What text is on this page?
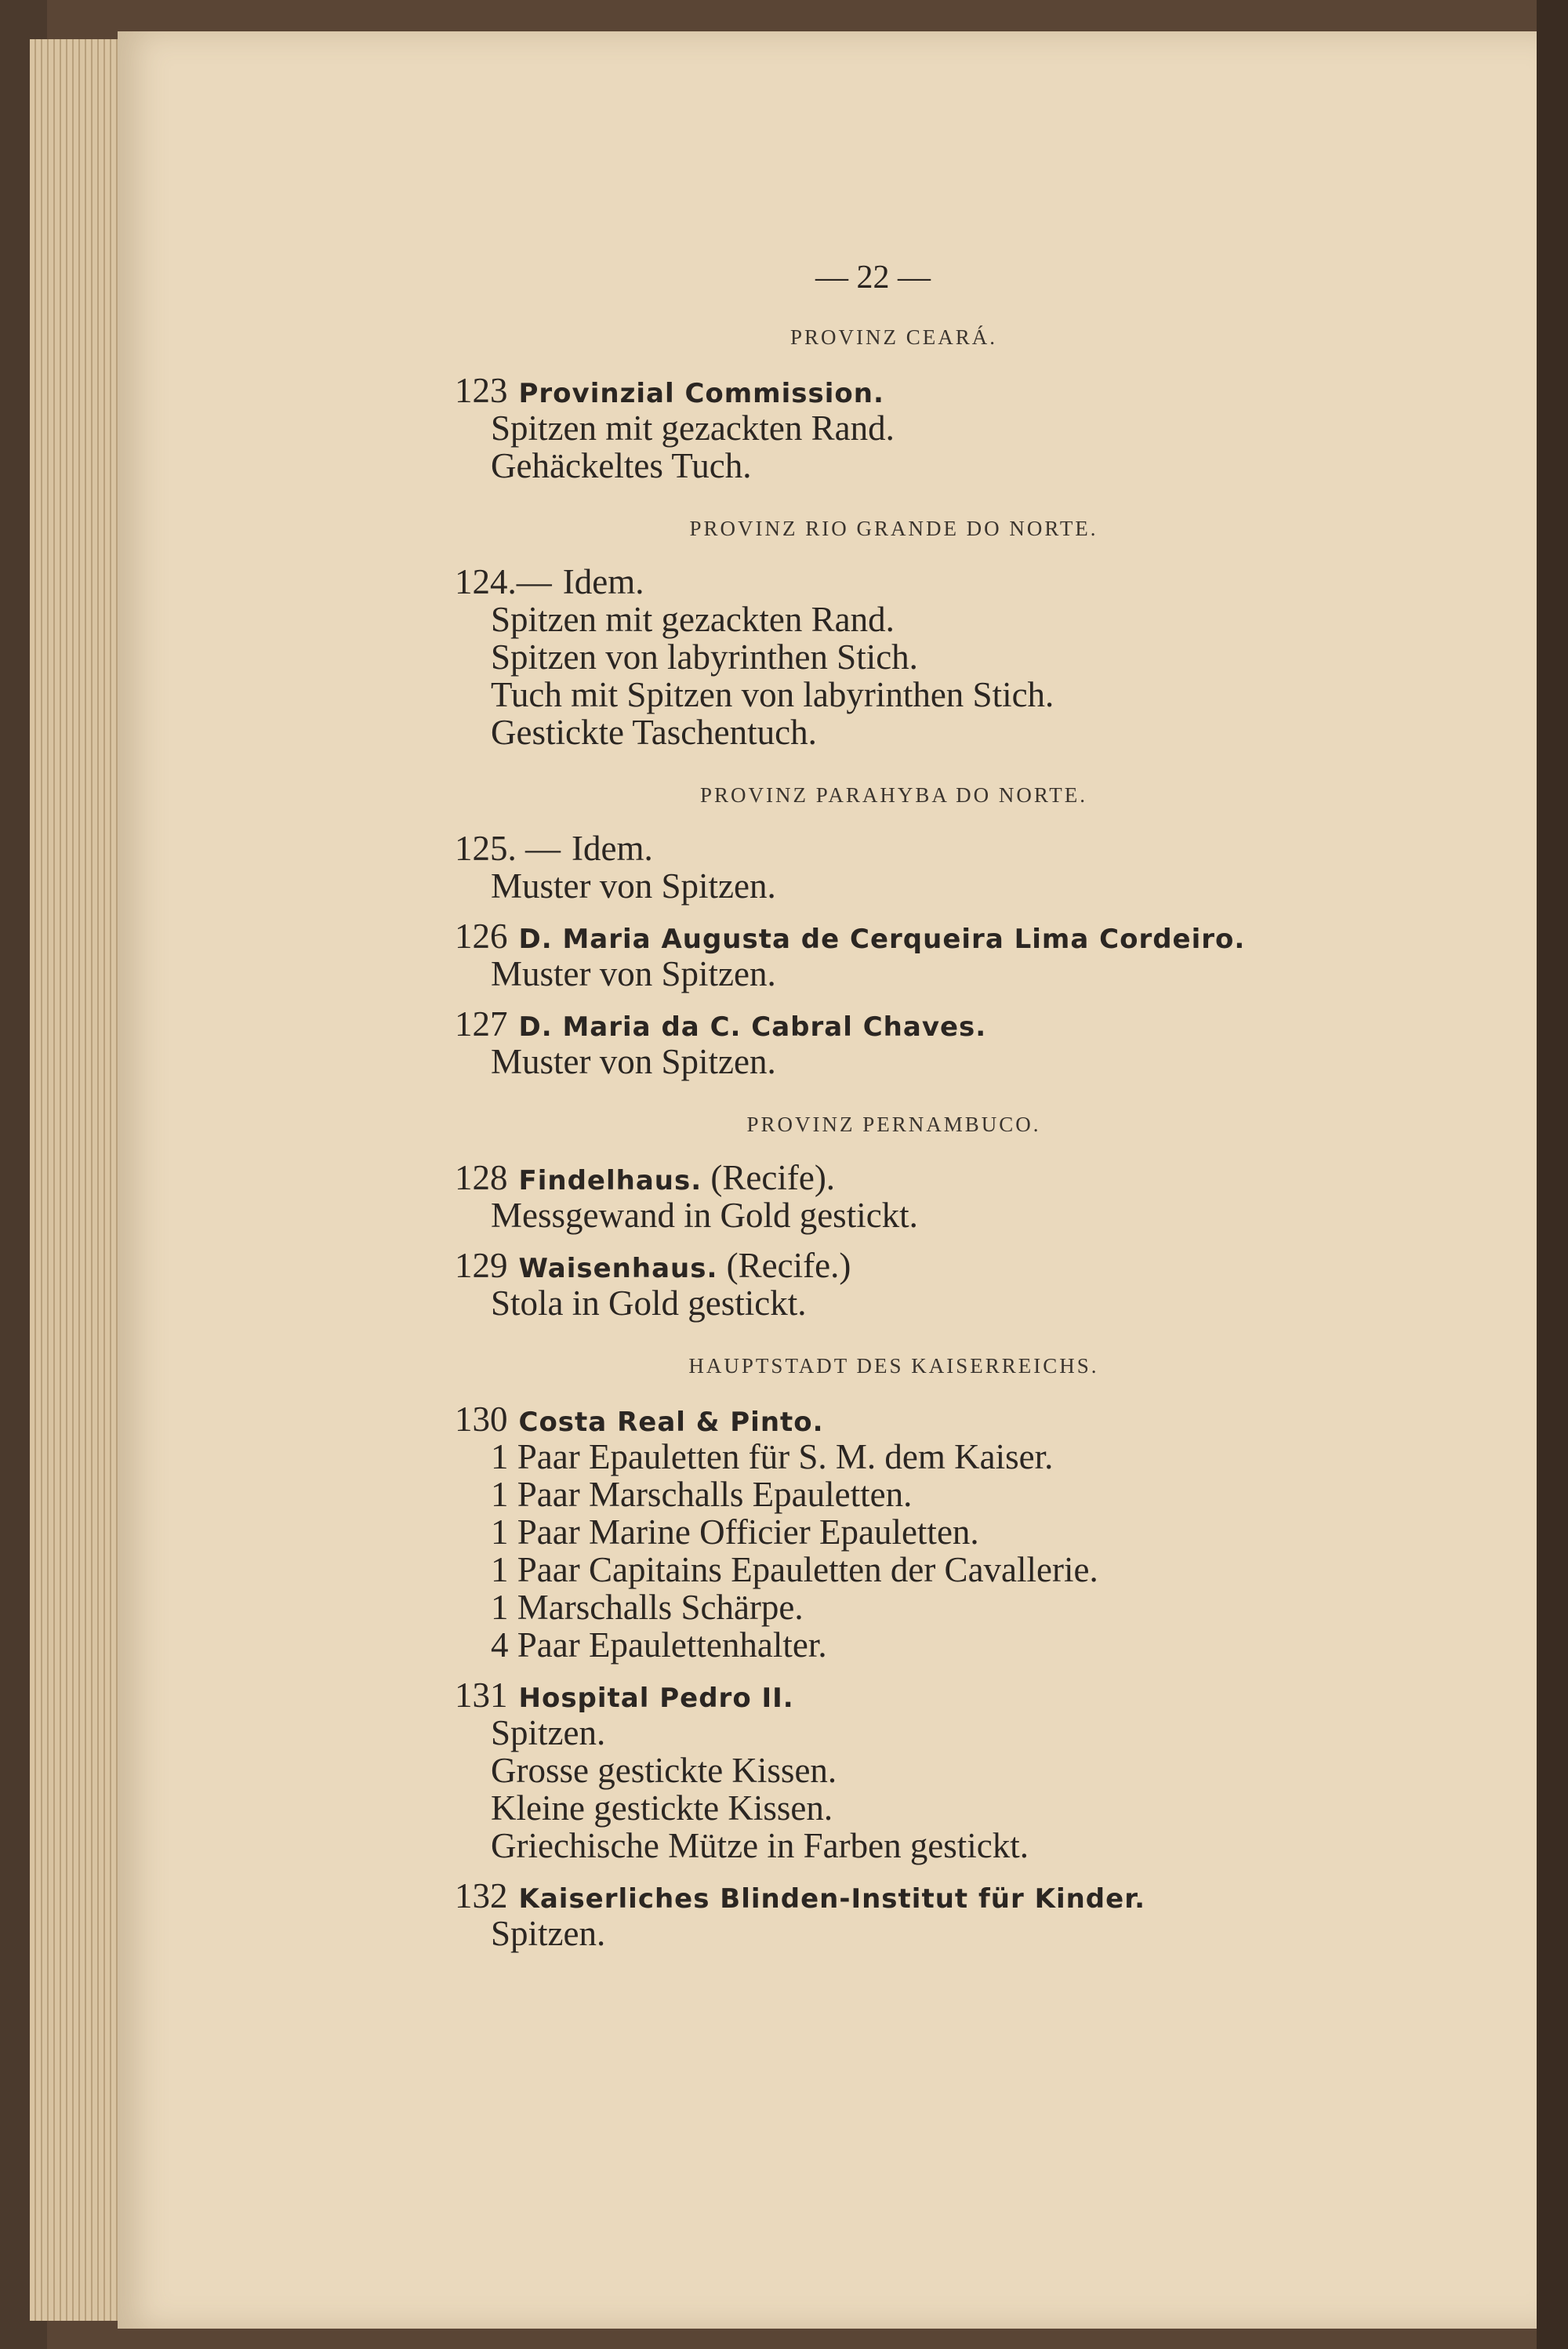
— 22 —
PROVINZ CEARÁ.
123 Provinzial Commission.
Spitzen mit gezackten Rand.
Gehäckeltes Tuch.
PROVINZ RIO GRANDE DO NORTE.
124.— Idem.
Spitzen mit gezackten Rand.
Spitzen von labyrinthen Stich.
Tuch mit Spitzen von labyrinthen Stich.
Gestickte Taschentuch.
PROVINZ PARAHYBA DO NORTE.
125. — Idem.
Muster von Spitzen.
126 D. Maria Augusta de Cerqueira Lima Cordeiro.
Muster von Spitzen.
127 D. Maria da C. Cabral Chaves.
Muster von Spitzen.
PROVINZ PERNAMBUCO.
128 Findelhaus. (Recife).
Messgewand in Gold gestickt.
129 Waisenhaus. (Recife.)
Stola in Gold gestickt.
HAUPTSTADT DES KAISERREICHS.
130 Costa Real & Pinto.
1 Paar Epauletten für S. M. dem Kaiser.
1 Paar Marschalls Epauletten.
1 Paar Marine Officier Epauletten.
1 Paar Capitains Epauletten der Cavallerie.
1 Marschalls Schärpe.
4 Paar Epaulettenhalter.
131 Hospital Pedro II.
Spitzen.
Grosse gestickte Kissen.
Kleine gestickte Kissen.
Griechische Mütze in Farben gestickt.
132 Kaiserliches Blinden-Institut für Kinder.
Spitzen.
